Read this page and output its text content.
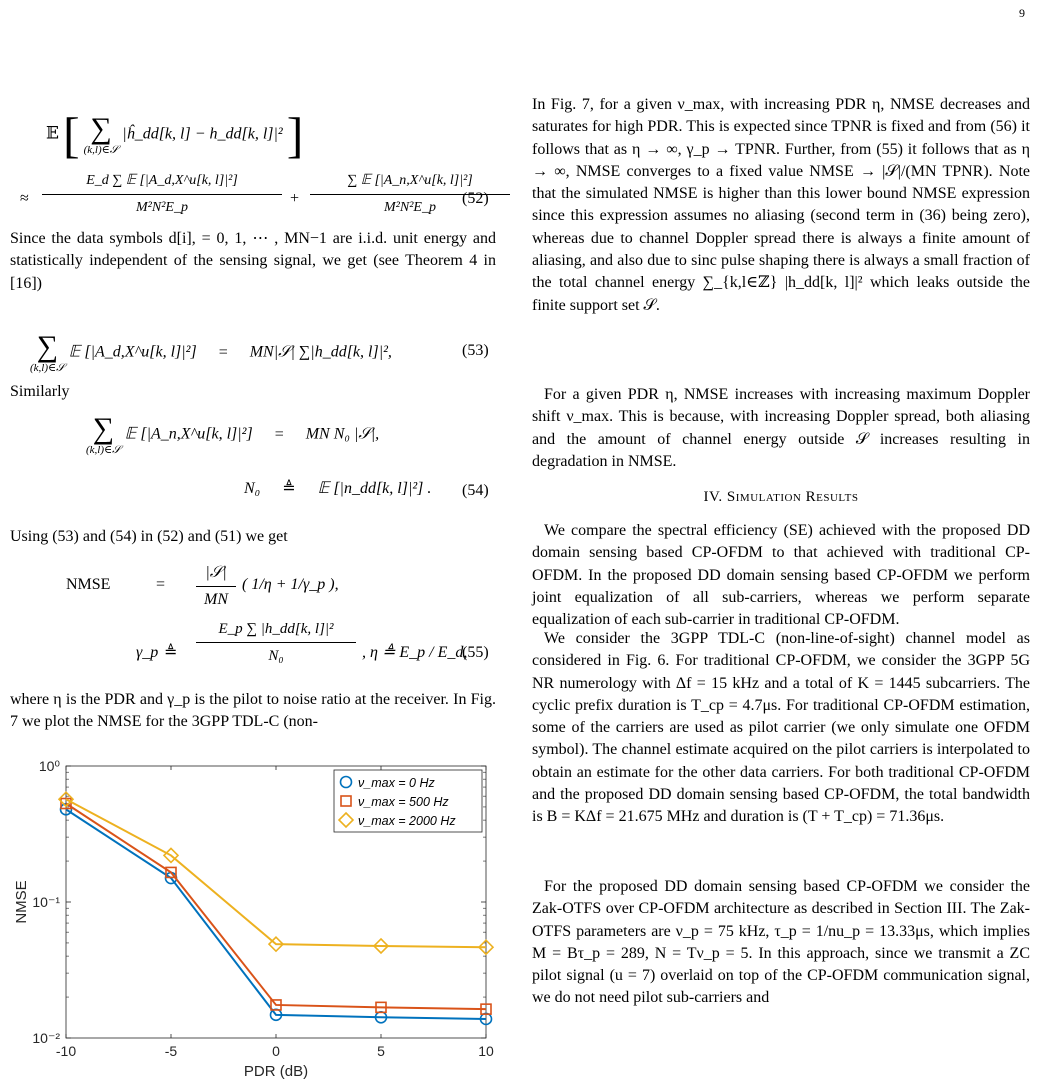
9
𝔼 [ ∑
(k,l)∈𝒮
|ĥ_dd[k, l] − h_dd[k, l]|² ]
≈
E_d ∑ 𝔼 [|A_d,X^u[k, l]|²]
M²N²E_p
+
∑ 𝔼 [|A_n,X^u[k, l]|²]
M²N²E_p
(52)

Since the data symbols d[i], = 0, 1, ⋯ , MN−1 are i.i.d. unit energy and statistically independent of the sensing signal, we get (see Theorem 4 in [16])

∑
(k,l)∈𝒮
𝔼 [|A_d,X^u[k, l]|²] = MN|𝒮| ∑|h_dd[k, l]|²,	(53)

Similarly

∑
(k,l)∈𝒮
𝔼 [|A_n,X^u[k, l]|²] = MN N₀ |𝒮|,
N₀ ≜ 𝔼 [|n_dd[k, l]|²] . (54)

Using (53) and (54) in (52) and (51) we get

NMSE	=
|𝒮|
MN
( 1/η + 1/γ_p ),
γ_p ≜ $\frac{\text{E\_p ∑ |h\_dd[k, l]|²}}{\text{N₀}}$ , η ≜ E_p / E_d,
(55)

where η is the PDR and γ_p is the pilot to noise ratio at the receiver. In Fig. 7 we plot the NMSE for the 3GPP TDL-C (non-

-10	-5	0	5	10
10⁰
10⁻¹
10⁻²
PDR (dB)
NMSE
ν_max = 0 Hz
ν_max = 500 Hz
ν_max = 2000 Hz

In Fig. 7, for a given ν_max, with increasing PDR η, NMSE decreases and saturates for high PDR. This is expected since TPNR is fixed and from (56) it follows that as η → ∞, γ_p → TPNR. Further, from (55) it follows that as η → ∞, NMSE converges to a fixed value NMSE → |𝒮|/(MN TPNR). Note that the simulated NMSE is higher than this lower bound NMSE expression since this expression assumes no aliasing (second term in (36) being zero), whereas due to channel Doppler spread there is always a finite amount of aliasing, and also due to sinc pulse shaping there is always a small fraction of the total channel energy ∑_{k,l∈ℤ} |h_dd[k, l]|² which leaks outside the finite support set 𝒮.

For a given PDR η, NMSE increases with increasing maximum Doppler shift ν_max. This is because, with increasing Doppler spread, both aliasing and the amount of channel energy outside 𝒮 increases resulting in degradation in NMSE.

IV. Simulation Results

We compare the spectral efficiency (SE) achieved with the proposed DD domain sensing based CP-OFDM to that achieved with traditional CP-OFDM. In the proposed DD domain sensing based CP-OFDM we perform joint equalization of all sub-carriers, whereas we perform separate equalization of each sub-carrier in traditional CP-OFDM.

We consider the 3GPP TDL-C (non-line-of-sight) channel model as considered in Fig. 6. For traditional CP-OFDM, we consider the 3GPP 5G NR numerology with Δf = 15 kHz and a total of K = 1445 subcarriers. The cyclic prefix duration is T_cp = 4.7μs. For traditional CP-OFDM estimation, some of the carriers are used as pilot carrier (we only simulate one OFDM symbol). The channel estimate acquired on the pilot carriers is interpolated to obtain an estimate for the other data carriers. For both traditional CP-OFDM and the proposed DD domain sensing based CP-OFDM, the total bandwidth is B = KΔf = 21.675 MHz and duration is (T + T_cp) = 71.36μs.

For the proposed DD domain sensing based CP-OFDM we consider the Zak-OTFS over CP-OFDM architecture as described in Section III. The Zak-OTFS parameters are ν_p = 75 kHz, τ_p = 1/nu_p = 13.33μs, which implies M = Bτ_p = 289, N = Tν_p = 5. In this approach, since we transmit a ZC pilot signal (u = 7) overlaid on top of the CP-OFDM communication signal, we do not need pilot sub-carriers and
